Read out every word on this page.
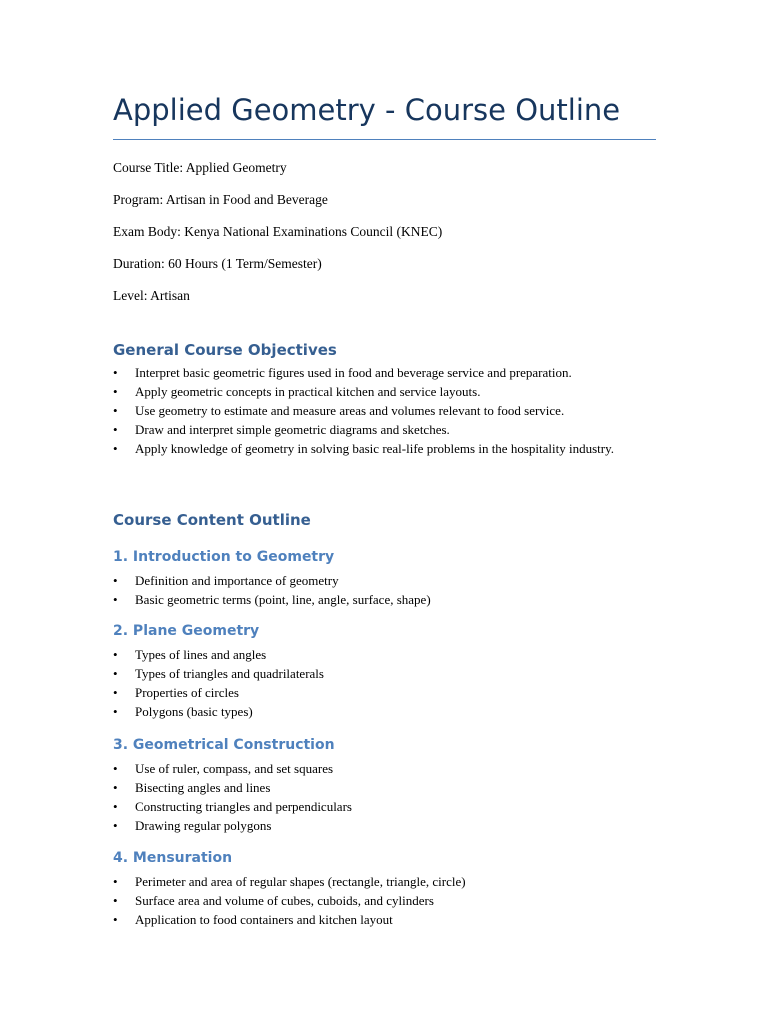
Applied Geometry - Course Outline
Course Title: Applied Geometry
Program: Artisan in Food and Beverage
Exam Body: Kenya National Examinations Council (KNEC)
Duration: 60 Hours (1 Term/Semester)
Level: Artisan
General Course Objectives
• Interpret basic geometric figures used in food and beverage service and preparation.
• Apply geometric concepts in practical kitchen and service layouts.
• Use geometry to estimate and measure areas and volumes relevant to food service.
• Draw and interpret simple geometric diagrams and sketches.
• Apply knowledge of geometry in solving basic real-life problems in the hospitality industry.
Course Content Outline
1. Introduction to Geometry
• Definition and importance of geometry
• Basic geometric terms (point, line, angle, surface, shape)
2. Plane Geometry
• Types of lines and angles
• Types of triangles and quadrilaterals
• Properties of circles
• Polygons (basic types)
3. Geometrical Construction
• Use of ruler, compass, and set squares
• Bisecting angles and lines
• Constructing triangles and perpendiculars
• Drawing regular polygons
4. Mensuration
• Perimeter and area of regular shapes (rectangle, triangle, circle)
• Surface area and volume of cubes, cuboids, and cylinders
• Application to food containers and kitchen layout
